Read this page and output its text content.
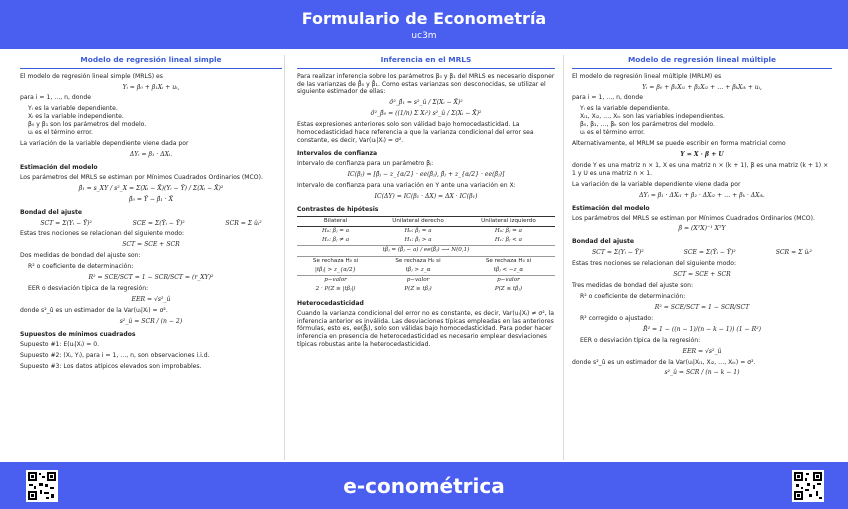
Formulario de Econometría
uc3m
Modelo de regresión lineal simple

El modelo de regresión lineal simple (MRLS) es

Yᵢ = β₀ + β₁Xᵢ + uᵢ,

para i = 1, …, n, donde

• Yᵢ es la variable dependiente.
• Xᵢ es la variable independiente.
• β₀ y β₁ son los parámetros del modelo.
• uᵢ es el término error.

La variación de la variable dependiente viene dada por

ΔYᵢ = β₁ · ΔXᵢ.
Estimación del modelo

Los parámetros del MRLS se estiman por Mínimos Cuadrados Ordinarios (MCO).

β̂₁ = s_XY / s²_X = Σ(Xᵢ − X̄)(Yᵢ − Ȳ) / Σ(Xᵢ − X̄)²
β̂₀ = Ȳ − β̂₁ · X̄
Bondad del ajuste
SCT = Σ(Yᵢ − Ȳ)²	SCE = Σ(Ŷᵢ − Ȳ)²	SCR = Σ ûᵢ²

Estas tres nociones se relacionan del siguiente modo:

SCT = SCE + SCR

Dos medidas de bondad del ajuste son:

• R² o coeficiente de determinación:
R² = SCE/SCT = 1 − SCR/SCT = (r_XY)²
• EER o desviación típica de la regresión:
EER = √s²_û

donde s²_û es un estimador de la Var(uᵢ|Xᵢ) = σ².

s²_û = SCR / (n − 2)
Supuestos de mínimos cuadrados

Supuesto #1: E(uᵢ|Xᵢ) = 0.

Supuesto #2: (Xᵢ, Yᵢ), para i = 1, …, n, son observaciones i.i.d.

Supuesto #3: Los datos atípicos elevados son improbables.

Inferencia en el MRLS

Para realizar inferencia sobre los parámetros β₀ y β₁ del MRLS es necesario disponer de las varianzas de β̂₀ y β̂₁. Como estas varianzas son desconocidas, se utilizar el siguiente estimador de ellas:

σ̂²_β̂₁ = s²_û / Σ(Xᵢ − X̄)²
σ̂²_β̂₀ = ((1/n) Σ Xᵢ²) s²_û / Σ(Xᵢ − X̄)²

Estas expresiones anteriores solo son válidad bajo homocedasticidad. La homocedasticidad hace referencia a que la varianza condicional del error sea constante, es decir, Var(uᵢ|Xᵢ) = σ².

Intervalos de confianza

Intervalo de confianza para un parámetro βⱼ:

IC(βⱼ) = [β̂ⱼ − z_{α/2} · ee(β̂ⱼ), β̂ⱼ + z_{α/2} · ee(β̂ⱼ)]

Intervalo de confianza para una variación en Y ante una variación en X:

IC(ΔY) = IC(β₁ · ΔX) = ΔX · IC(β₁)
Contrastes de hipótesis
Bilateral	Unilateral derecho	Unilateral izquierdo
H₀: βⱼ = a	H₀: βⱼ = a	H₀: βⱼ = a
H₁: βⱼ ≠ a	H₁: βⱼ > a	H₁: βⱼ < a
tβⱼ = (β̂ⱼ − a) / ee(β̂ⱼ) ⟶ N(0,1)		
Se rechaza H₀ si	Se rechaza H₀ si	Se rechaza H₀ si
|tβⱼ| > z_{α/2}	tβⱼ > z_α	tβⱼ < −z_α
p−valor	p−valor	p−valor
2 · P(Z ≥ |tβⱼ|)	P(Z ≥ tβⱼ)	P(Z ≤ tβⱼ)
Heterocedasticidad

Cuando la varianza condicional del error no es constante, es decir, Var(uᵢ|Xᵢ) ≠ σ², la inferencia anterior es inválida. Las desviaciones típicas empleadas en las anteriores fórmulas, esto es, ee(β̂ⱼ), solo son válidas bajo homocedasticidad. Para poder hacer inferencia en presencia de heterocedasticidad es necesario emplear desviaciones típicas robustas ante la heterocedasticidad.

Modelo de regresión lineal múltiple

El modelo de regresión lineal múltiple (MRLM) es

Yᵢ = β₀ + β₁Xᵢ₁ + β₂Xᵢ₂ + … + βₖXᵢₖ + uᵢ,

para i = 1, …, n, donde

• Yᵢ es la variable dependiente.
• Xᵢ₁, Xᵢ₂, …, Xᵢₖ son las variables independientes.
• β₀, β₁, …, βₖ son los parámetros del modelo.
• uᵢ es el término error.

Alternativamente, el MRLM se puede escribir en forma matricial como

Y = X · β + U

donde Y es una matriz n × 1, X es una matriz n × (k + 1), β es una matriz (k + 1) × 1 y U es una matriz n × 1.

La variación de la variable dependiente viene dada por

ΔYᵢ = β₁ · ΔXᵢ₁ + β₂ · ΔXᵢ₂ + … + βₖ · ΔXᵢₖ.
Estimación del modelo

Los parámetros del MRLS se estiman por Mínimos Cuadrados Ordinarios (MCO).

β̂ = (XᵀX)⁻¹ XᵀY
Bondad del ajuste
SCT = Σ(Yᵢ − Ȳ)²	SCE = Σ(Ŷᵢ − Ȳ)²	SCR = Σ ûᵢ²

Estas tres nociones se relacionan del siguiente modo:

SCT = SCE + SCR

Tres medidas de bondad del ajuste son:

• R² o coeficiente de determinación:
R² = SCE/SCT = 1 − SCR/SCT
• R² corregido o ajustado:
R̄² = 1 − ((n − 1)/(n − k − 1)) (1 − R²)
• EER o desviación típica de la regresión:
EER = √s²_û

donde s²_û es un estimador de la Var(uᵢ|Xᵢ₁, Xᵢ₂, …, Xᵢₖ) = σ².

s²_û = SCR / (n − k − 1)
e-conométrica
